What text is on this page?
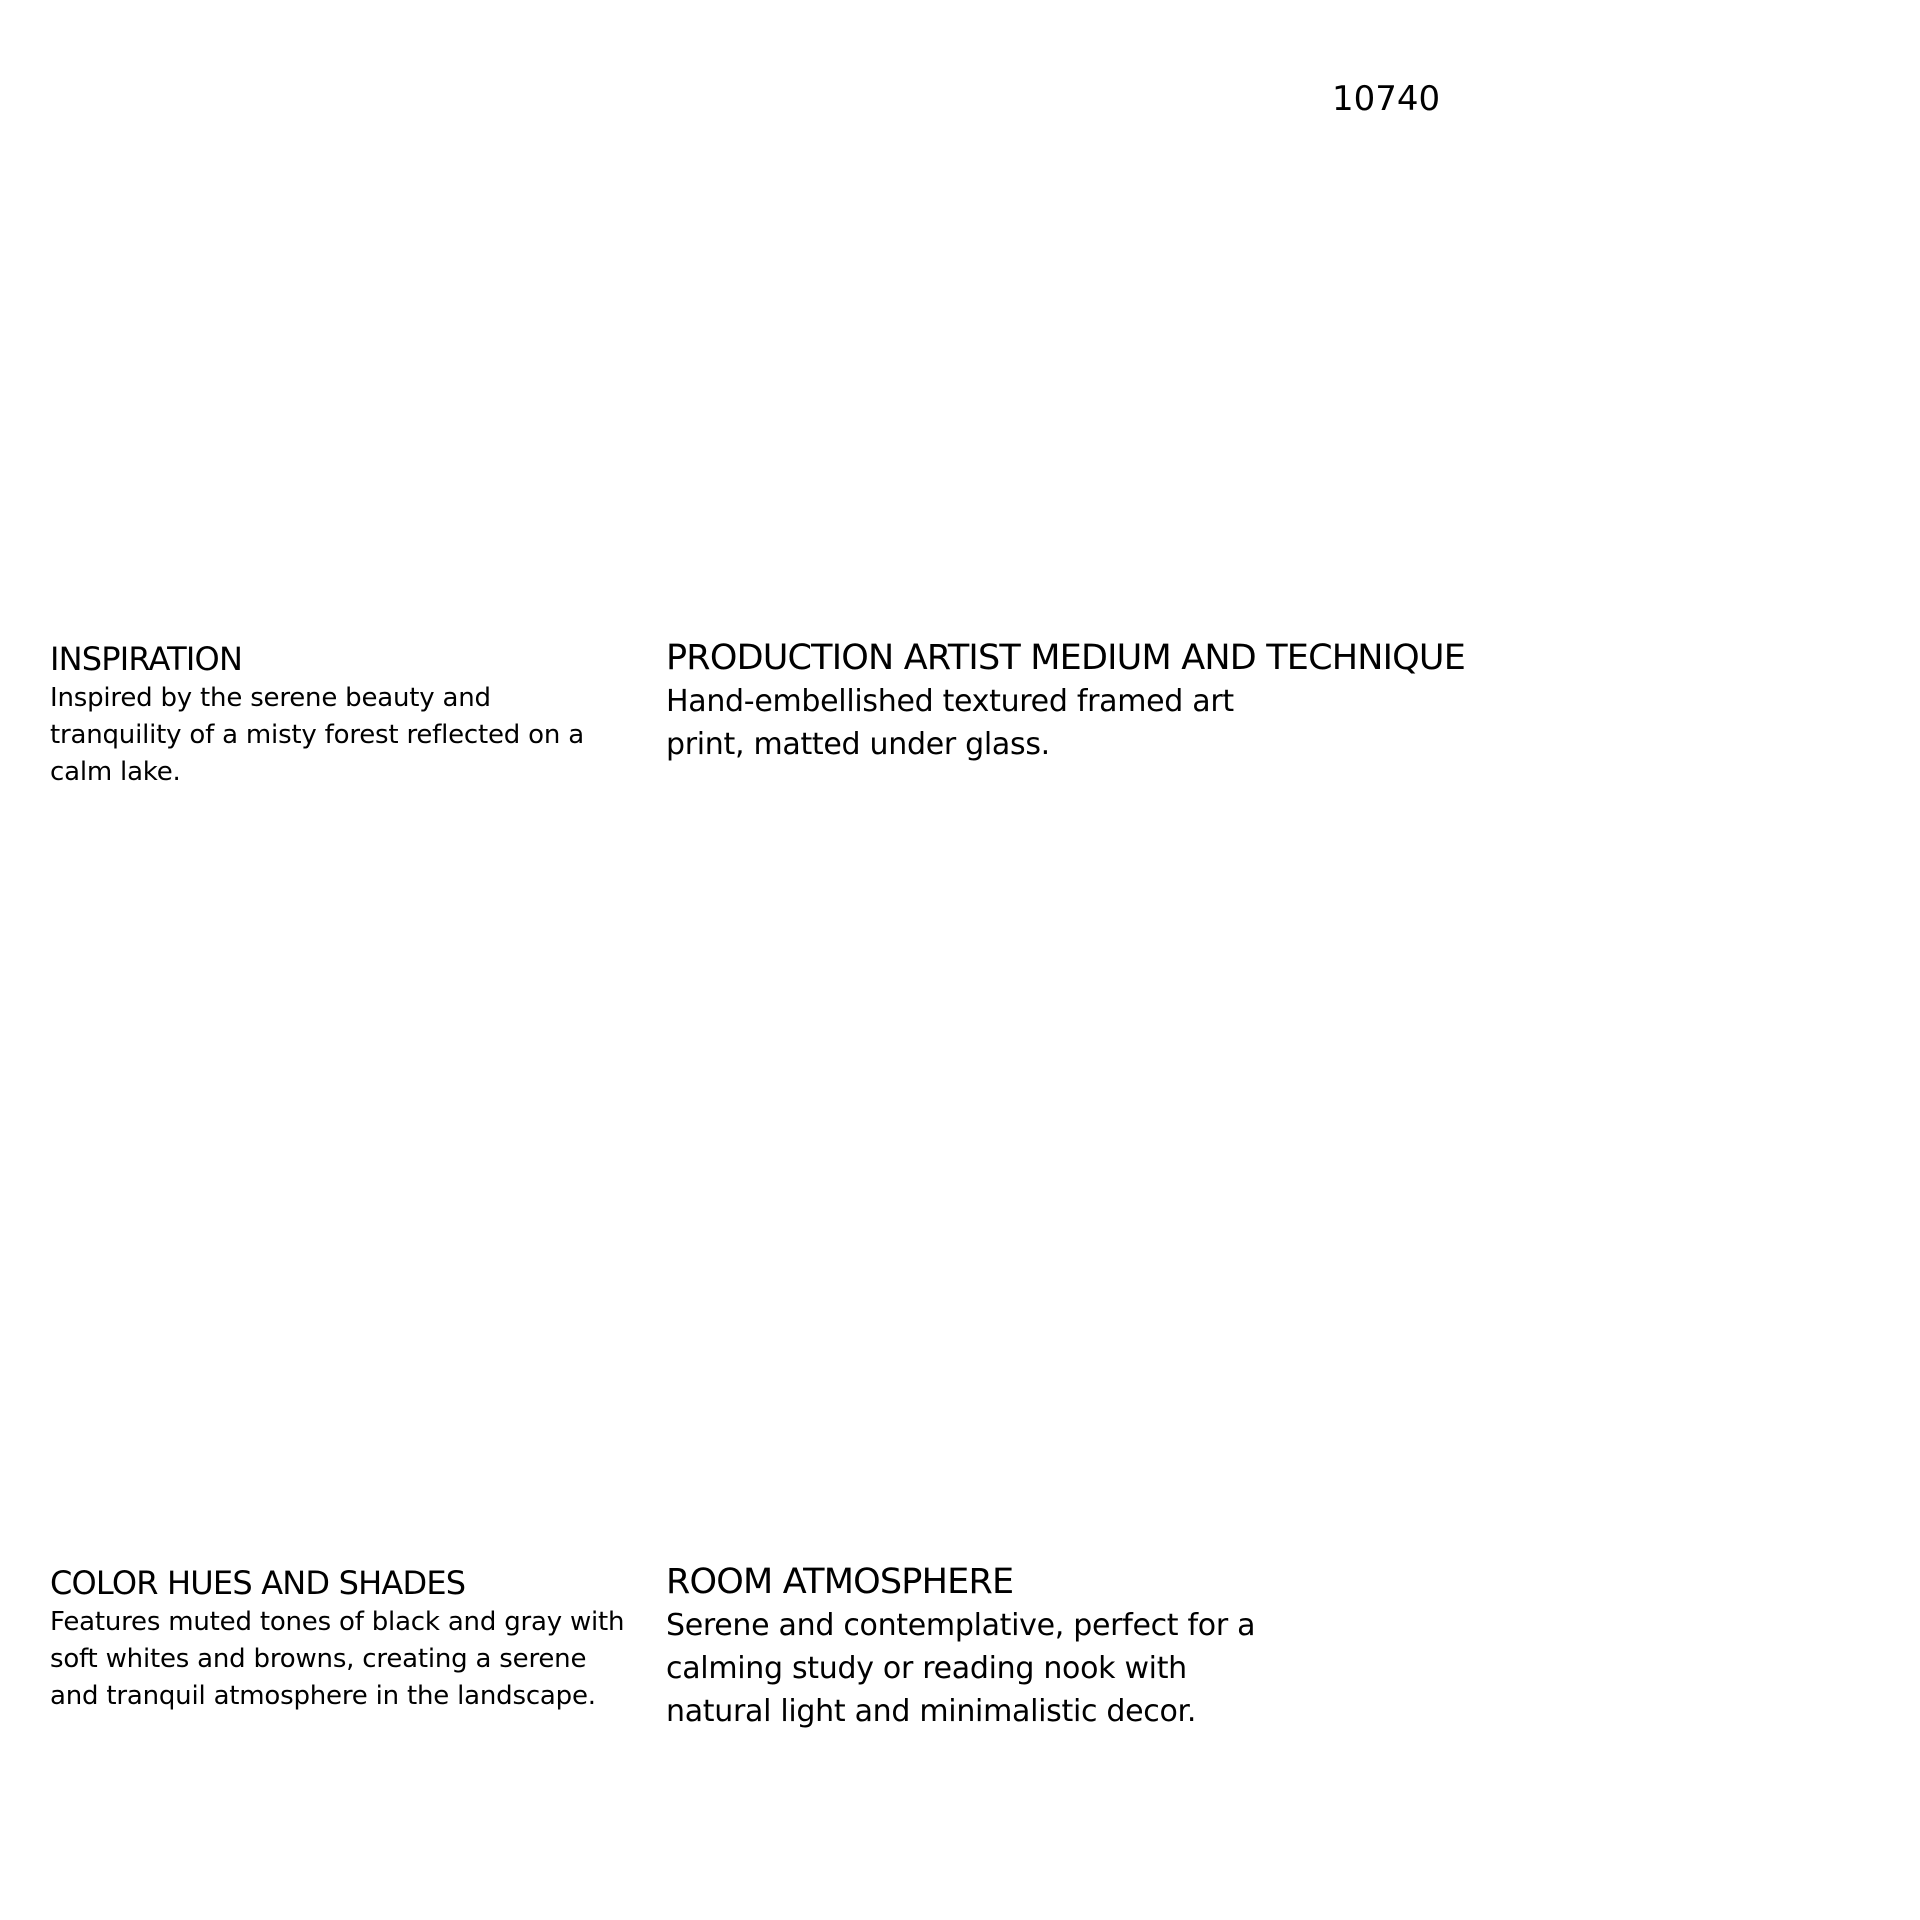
10740
INSPIRATION

Inspired by the serene beauty and tranquility of a misty forest reflected on a calm lake.

PRODUCTION ARTIST MEDIUM AND TECHNIQUE

Hand-embellished textured framed art print, matted under glass.

COLOR HUES AND SHADES

Features muted tones of black and gray with soft whites and browns, creating a serene and tranquil atmosphere in the landscape.

ROOM ATMOSPHERE

Serene and contemplative, perfect for a calming study or reading nook with natural light and minimalistic decor.
